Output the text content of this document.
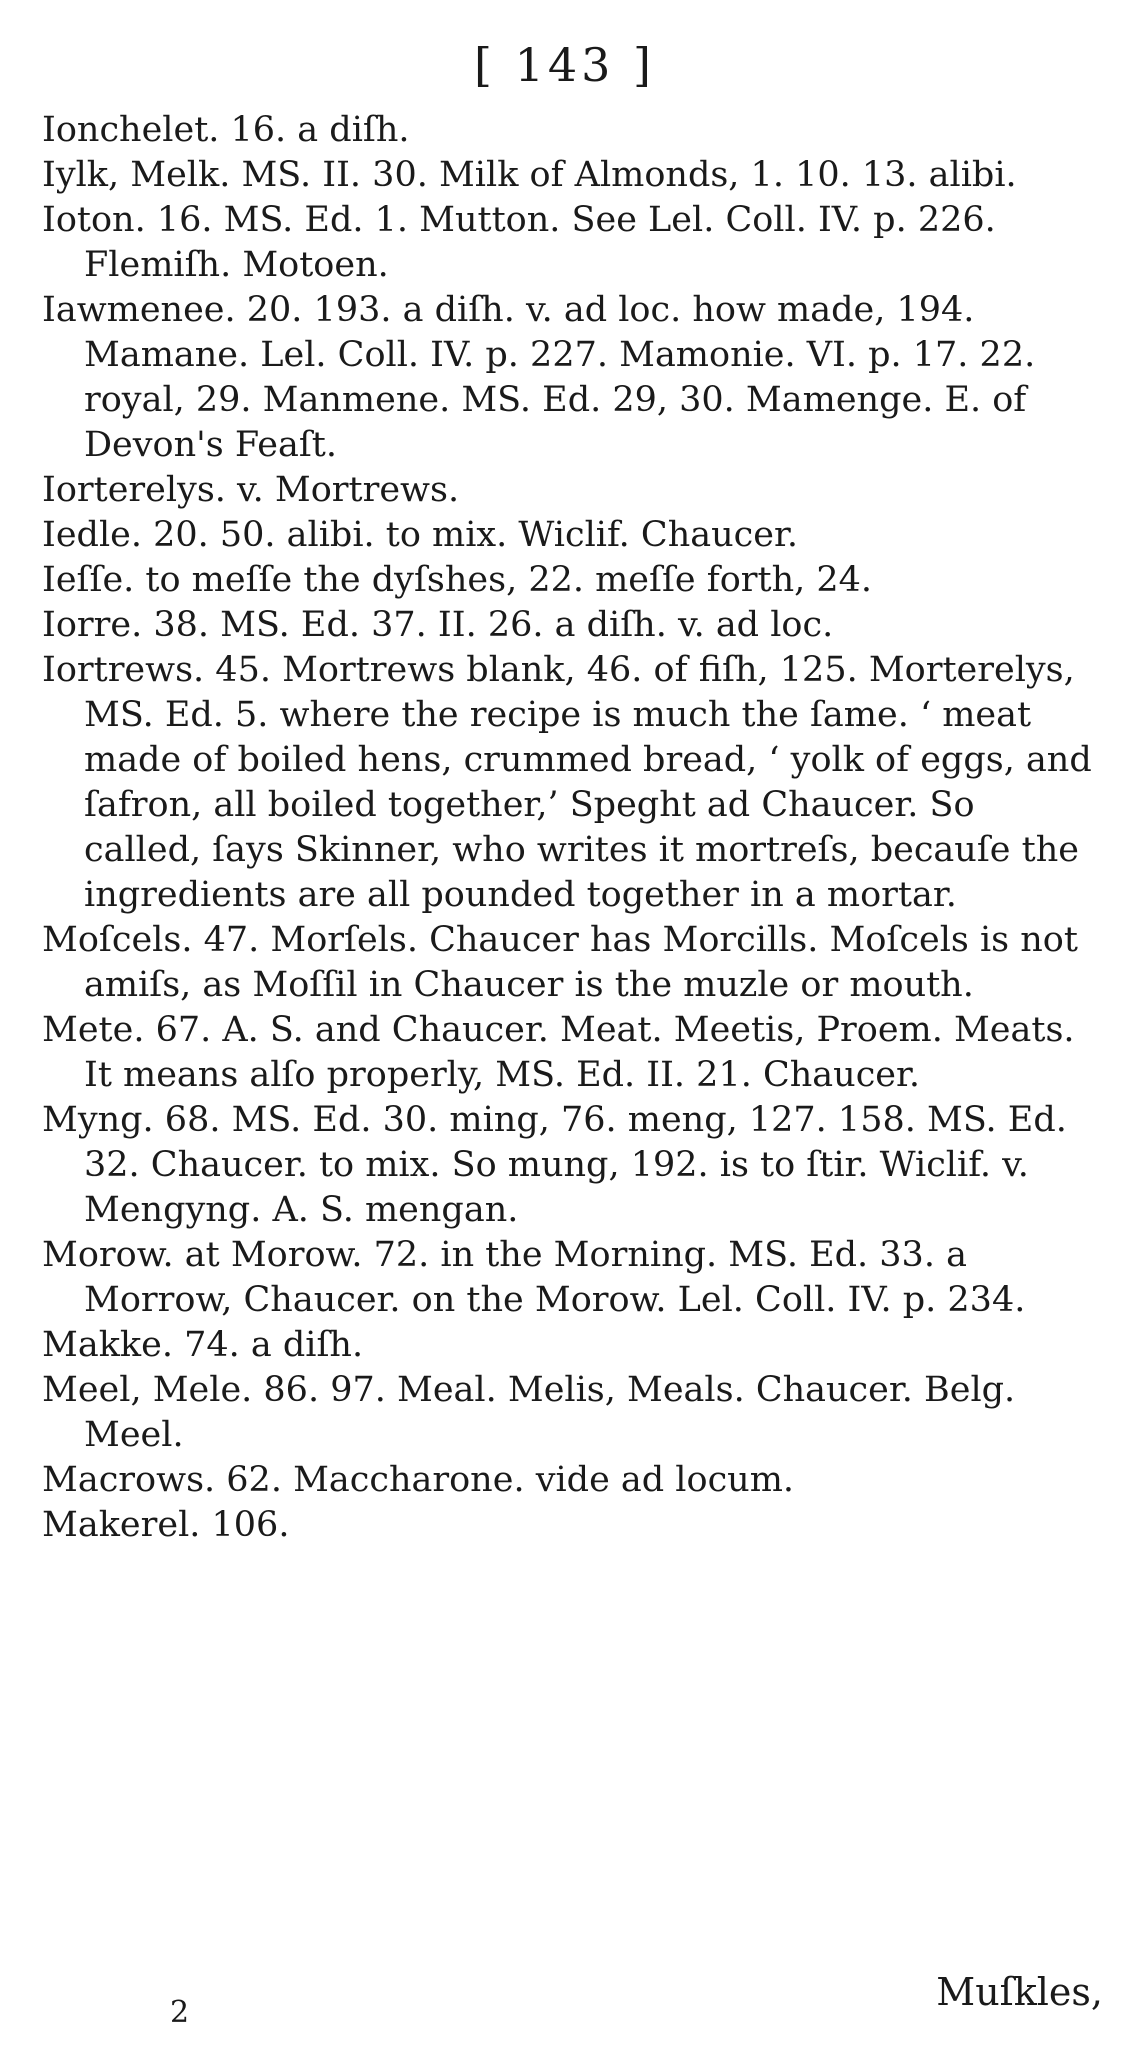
[ 143 ]

Ionchelet. 16. a diſh.

Iylk, Melk. MS. II. 30. Milk of Almonds, 1. 10. 13. alibi.

Ioton. 16. MS. Ed. 1. Mutton. See Lel. Coll. IV. p. 226. Flemiſh. Motoen.

Iawmenee. 20. 193. a diſh. v. ad loc. how made, 194. Mamane. Lel. Coll. IV. p. 227. Mamonie. VI. p. 17. 22. royal, 29. Manmene. MS. Ed. 29, 30. Mamenge. E. of Devon's Feaſt.

Iorterelys. v. Mortrews.

Iedle. 20. 50. alibi. to mix. Wiclif. Chaucer.

Ieſſe. to meſſe the dyſshes, 22. meſſe forth, 24.

Iorre. 38. MS. Ed. 37. II. 26. a diſh. v. ad loc.

Iortrews. 45. Mortrews blank, 46. of fiſh, 125. Morterelys, MS. Ed. 5. where the recipe is much the ſame. ‘ meat made of boiled hens, crummed bread, ‘ yolk of eggs, and ſafron, all boiled together,’ Speght ad Chaucer. So called, ſays Skinner, who writes it mortreſs, becauſe the ingredients are all pounded together in a mortar.

Moſcels. 47. Morſels. Chaucer has Morcills. Moſcels is not amiſs, as Moſſil in Chaucer is the muzle or mouth.

Mete. 67. A. S. and Chaucer. Meat. Meetis, Proem. Meats. It means alſo properly, MS. Ed. II. 21. Chaucer.

Myng. 68. MS. Ed. 30. ming, 76. meng, 127. 158. MS. Ed. 32. Chaucer. to mix. So mung, 192. is to ſtir. Wiclif. v. Mengyng. A. S. mengan.

Morow. at Morow. 72. in the Morning. MS. Ed. 33. a Morrow, Chaucer. on the Morow. Lel. Coll. IV. p. 234.

Makke. 74. a diſh.

Meel, Mele. 86. 97. Meal. Melis, Meals. Chaucer. Belg. Meel.

Macrows. 62. Maccharone. vide ad locum.

Makerel. 106.

2	Muſkles,
